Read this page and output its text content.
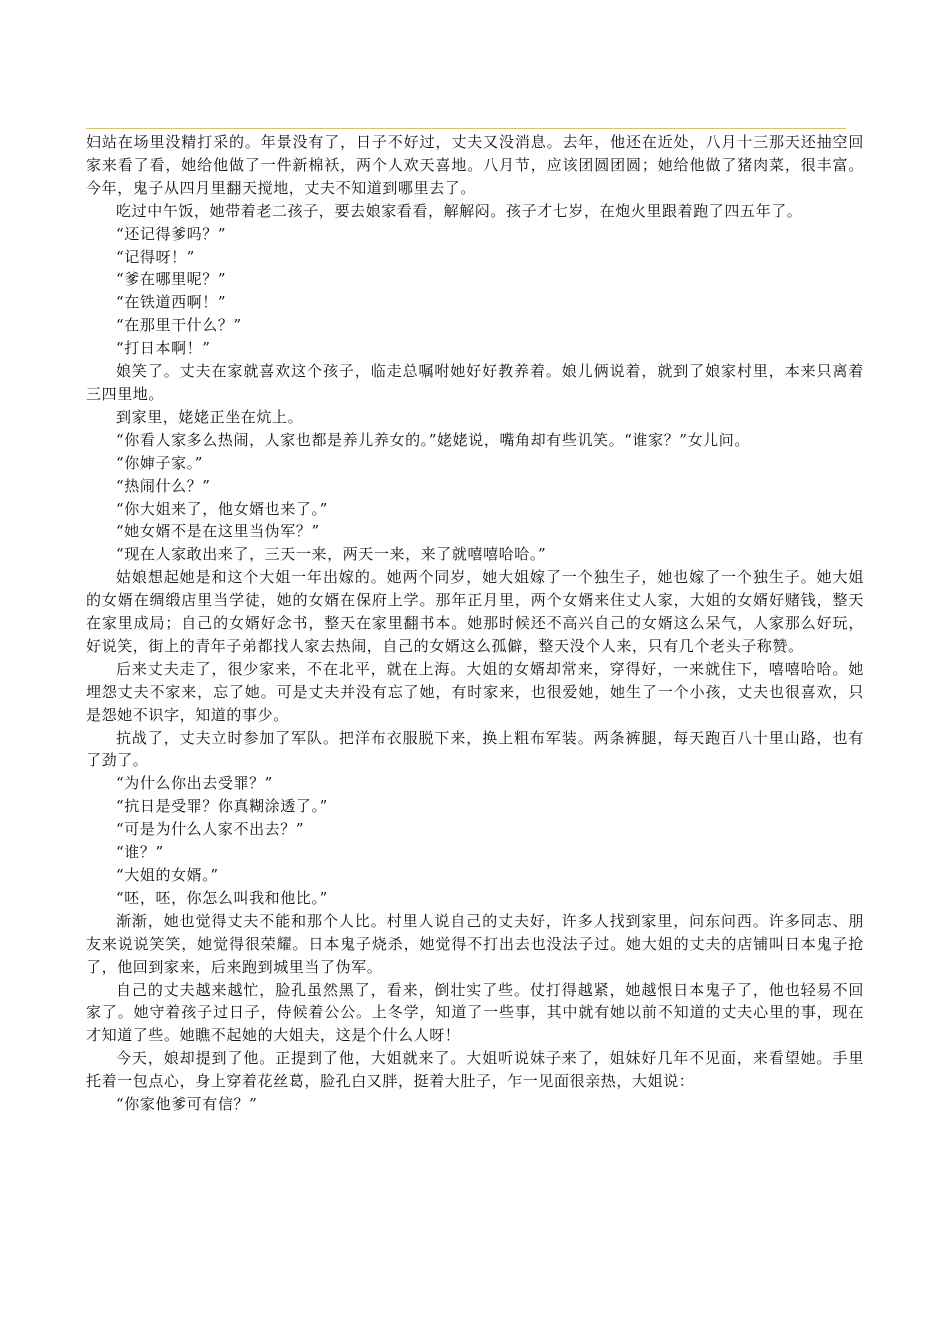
妇站在场里没精打采的。年景没有了，日子不好过，丈夫又没消息。去年，他还在近处，八月十三那天还抽空回家来看了看，她给他做了一件新棉袄，两个人欢天喜地。八月节，应该团圆团圆；她给他做了猪肉菜，很丰富。今年，鬼子从四月里翻天搅地，丈夫不知道到哪里去了。

吃过中午饭，她带着老二孩子，要去娘家看看，解解闷。孩子才七岁，在炮火里跟着跑了四五年了。

“还记得爹吗？”

“记得呀！”

“爹在哪里呢？”

“在铁道西啊！”

“在那里干什么？”

“打日本啊！”

娘笑了。丈夫在家就喜欢这个孩子，临走总嘱咐她好好教养着。娘儿俩说着，就到了娘家村里，本来只离着三四里地。

到家里，姥姥正坐在炕上。

“你看人家多么热闹，人家也都是养儿养女的。”姥姥说，嘴角却有些讥笑。“谁家？”女儿问。

“你婶子家。”

“热闹什么？”

“你大姐来了，他女婿也来了。”

“她女婿不是在这里当伪军？”

“现在人家敢出来了，三天一来，两天一来，来了就嘻嘻哈哈。”

姑娘想起她是和这个大姐一年出嫁的。她两个同岁，她大姐嫁了一个独生子，她也嫁了一个独生子。她大姐的女婿在绸缎店里当学徒，她的女婿在保府上学。那年正月里，两个女婿来住丈人家，大姐的女婿好赌钱，整天在家里成局；自己的女婿好念书，整天在家里翻书本。她那时候还不高兴自己的女婿这么呆气，人家那么好玩，好说笑，街上的青年子弟都找人家去热闹，自己的女婿这么孤僻，整天没个人来，只有几个老头子称赞。

后来丈夫走了，很少家来，不在北平，就在上海。大姐的女婿却常来，穿得好，一来就住下，嘻嘻哈哈。她埋怨丈夫不家来，忘了她。可是丈夫并没有忘了她，有时家来，也很爱她，她生了一个小孩，丈夫也很喜欢，只是怨她不识字，知道的事少。

抗战了，丈夫立时参加了军队。把洋布衣服脱下来，换上粗布军装。两条裤腿，每天跑百八十里山路，也有了劲了。

“为什么你出去受罪？”

“抗日是受罪？你真糊涂透了。”

“可是为什么人家不出去？”

“谁？”

“大姐的女婿。”

“呸，呸，你怎么叫我和他比。”

渐渐，她也觉得丈夫不能和那个人比。村里人说自己的丈夫好，许多人找到家里，问东问西。许多同志、朋友来说说笑笑，她觉得很荣耀。日本鬼子烧杀，她觉得不打出去也没法子过。她大姐的丈夫的店铺叫日本鬼子抢了，他回到家来，后来跑到城里当了伪军。

自己的丈夫越来越忙，脸孔虽然黑了，看来，倒壮实了些。仗打得越紧，她越恨日本鬼子了，他也轻易不回家了。她守着孩子过日子，侍候着公公。上冬学，知道了一些事，其中就有她以前不知道的丈夫心里的事，现在才知道了些。她瞧不起她的大姐夫，这是个什么人呀！

今天，娘却提到了他。正提到了他，大姐就来了。大姐听说妹子来了，姐妹好几年不见面，来看望她。手里托着一包点心，身上穿着花丝葛，脸孔白又胖，挺着大肚子，乍一见面很亲热，大姐说：

“你家他爹可有信？”
